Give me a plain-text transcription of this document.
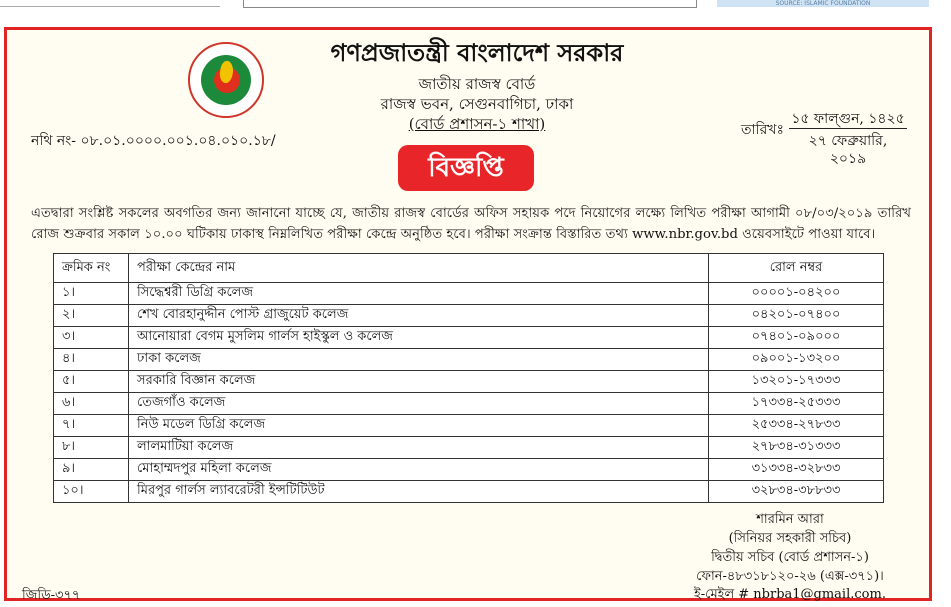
SOURCE: ISLAMIC FOUNDATION
গণপ্রজাতন্ত্রী বাংলাদেশ সরকার
জাতীয় রাজস্ব বোর্ড
রাজস্ব ভবন, সেগুনবাগিচা, ঢাকা
(বোর্ড প্রশাসন-১ শাখা)
নথি নং- ০৮.০১.০০০০.০০১.০৪.০১০.১৮/
তারিখঃ
১৫ ফাল্গুন, ১৪২৫
২৭ ফেব্রুয়ারি, ২০১৯
বিজ্ঞপ্তি
এতদ্বারা সংশ্লিষ্ট সকলের অবগতির জন্য জানানো যাচ্ছে যে, জাতীয় রাজস্ব বোর্ডের অফিস সহায়ক পদে নিয়োগের লক্ষ্যে লিখিত পরীক্ষা আগামী ০৮/০৩/২০১৯ তারিখ রোজ শুক্রবার সকাল ১০.০০ ঘটিকায় ঢাকাস্থ নিম্নলিখিত পরীক্ষা কেন্দ্রে অনুষ্ঠিত হবে। পরীক্ষা সংক্রান্ত বিস্তারিত তথ্য www.nbr.gov.bd ওয়েবসাইটে পাওয়া যাবে।
ক্রমিক নং	পরীক্ষা কেন্দ্রের নাম	রোল নম্বর
১।	সিদ্ধেশ্বরী ডিগ্রি কলেজ	০০০০১-০৪২০০
২।	শেখ বোরহানুদ্দীন পোস্ট গ্রাজুয়েট কলেজ	০৪২০১-০৭৪০০
৩।	আনোয়ারা বেগম মুসলিম গার্লস হাইস্কুল ও কলেজ	০৭৪০১-০৯০০০
৪।	ঢাকা কলেজ	০৯০০১-১৩২০০
৫।	সরকারি বিজ্ঞান কলেজ	১৩২০১-১৭৩৩৩
৬।	তেজগাঁও কলেজ	১৭৩৩৪-২৫৩৩৩
৭।	নিউ মডেল ডিগ্রি কলেজ	২৫৩৩৪-২৭৮৩৩
৮।	লালমাটিয়া কলেজ	২৭৮৩৪-৩১৩৩৩
৯।	মোহাম্মদপুর মহিলা কলেজ	৩১৩৩৪-৩২৮৩৩
১০।	মিরপুর গার্লস ল্যাবরেটরী ইন্সটিটিউট	৩২৮৩৪-৩৮৮৩৩
শারমিন আরা
(সিনিয়র সহকারী সচিব)
দ্বিতীয় সচিব (বোর্ড প্রশাসন-১)
ফোন-৪৮৩১৮১২০-২৬ (এক্স-৩৭১)।
ই-মেইল # nbrba1@gmail.com.
জিডি-৩৭৭
